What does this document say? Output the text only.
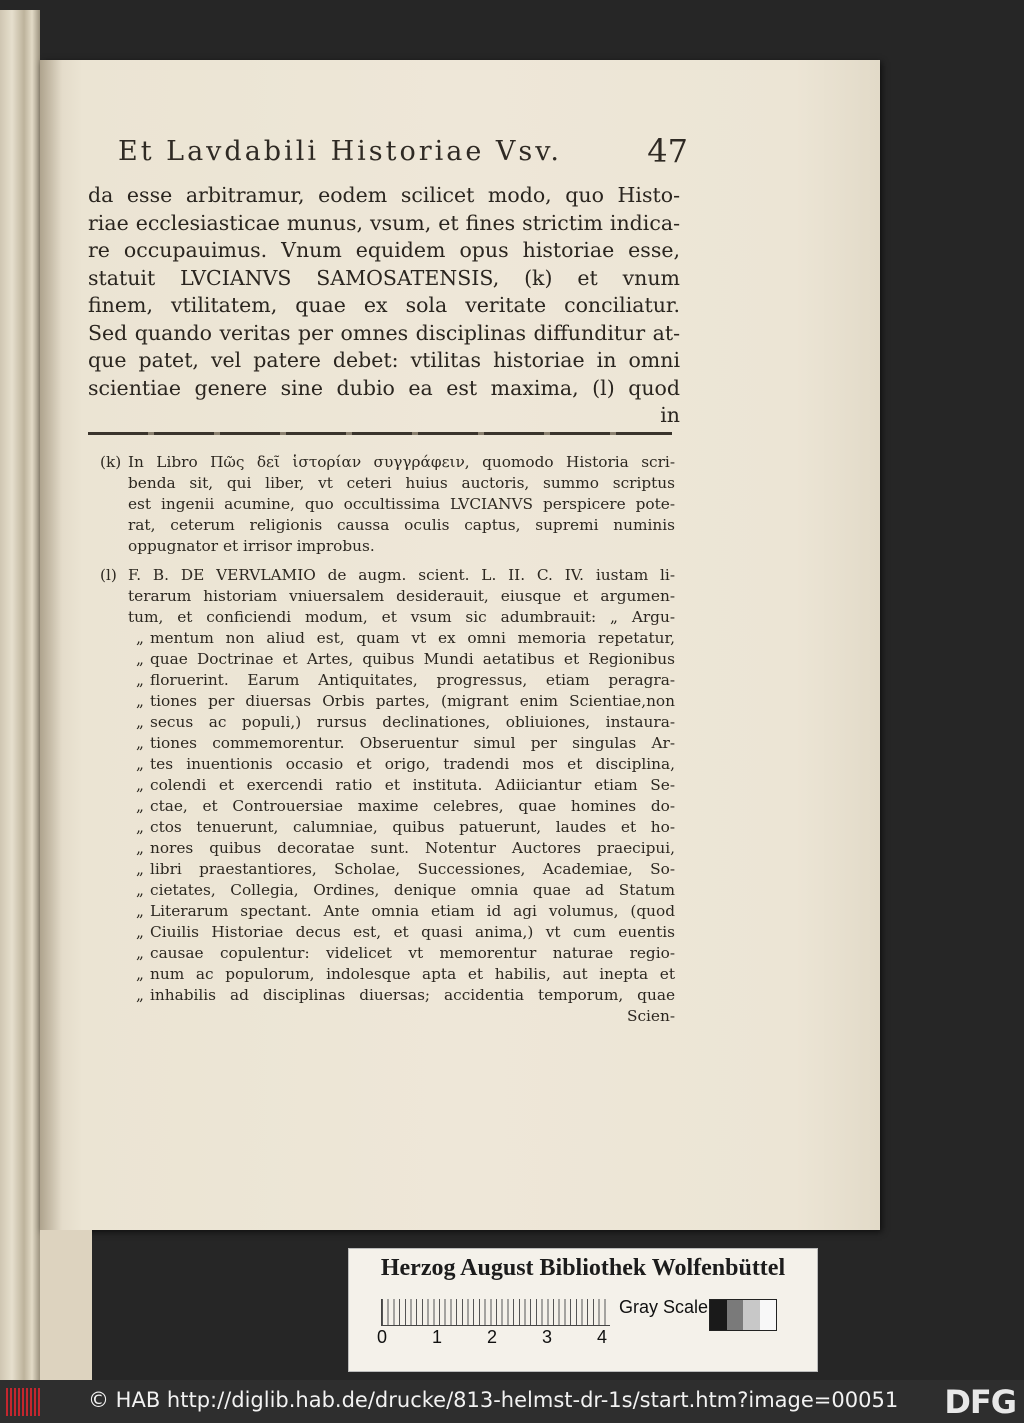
Et Lavdabili Historiae Vsv.	47
da esse arbitramur, eodem scilicet modo, quo Histo-
riae ecclesiasticae munus, vsum, et fines strictim indica-
re occupauimus. Vnum equidem opus historiae esse,
statuit LVCIANVS SAMOSATENSIS, (k) et vnum
finem, vtilitatem, quae ex sola veritate conciliatur.
Sed quando veritas per omnes disciplinas diffunditur at-
que patet, vel patere debet: vtilitas historiae in omni
scientiae genere sine dubio ea est maxima, (l) quod
in
(k) In Libro Πῶς δεῖ ἱστορίαν συγγράφειν, quomodo Historia scri-
benda sit, qui liber, vt ceteri huius auctoris, summo scriptus
est ingenii acumine, quo occultissima LVCIANVS perspicere pote-
rat, ceterum religionis caussa oculis captus, supremi numinis
oppugnator et irrisor improbus.
(l) F. B. DE VERVLAMIO de augm. scient. L. II. C. IV. iustam li-
terarum historiam vniuersalem desiderauit, eiusque et argumen-
tum, et conficiendi modum, et vsum sic adumbrauit: „ Argu-
„ mentum non aliud est, quam vt ex omni memoria repetatur,
„ quae Doctrinae et Artes, quibus Mundi aetatibus et Regionibus
„ floruerint. Earum Antiquitates, progressus, etiam peragra-
„ tiones per diuersas Orbis partes, (migrant enim Scientiae,non
„ secus ac populi,) rursus declinationes, obliuiones, instaura-
„ tiones commemorentur. Obseruentur simul per singulas Ar-
„ tes inuentionis occasio et origo, tradendi mos et disciplina,
„ colendi et exercendi ratio et instituta. Adiiciantur etiam Se-
„ ctae, et Controuersiae maxime celebres, quae homines do-
„ ctos tenuerunt, calumniae, quibus patuerunt, laudes et ho-
„ nores quibus decoratae sunt. Notentur Auctores praecipui,
„ libri praestantiores, Scholae, Successiones, Academiae, So-
„ cietates, Collegia, Ordines, denique omnia quae ad Statum
„ Literarum spectant. Ante omnia etiam id agi volumus, (quod
„ Ciuilis Historiae decus est, et quasi anima,) vt cum euentis
„ causae copulentur: videlicet vt memorentur naturae regio-
„ num ac populorum, indolesque apta et habilis, aut inepta et
„ inhabilis ad disciplinas diuersas; accidentia temporum, quae
Scien-
Herzog August Bibliothek Wolfenbüttel
0 1 2 3 4
Gray Scale
© HAB http://diglib.hab.de/drucke/813-helmst-dr-1s/start.htm?image=00051 DFG
